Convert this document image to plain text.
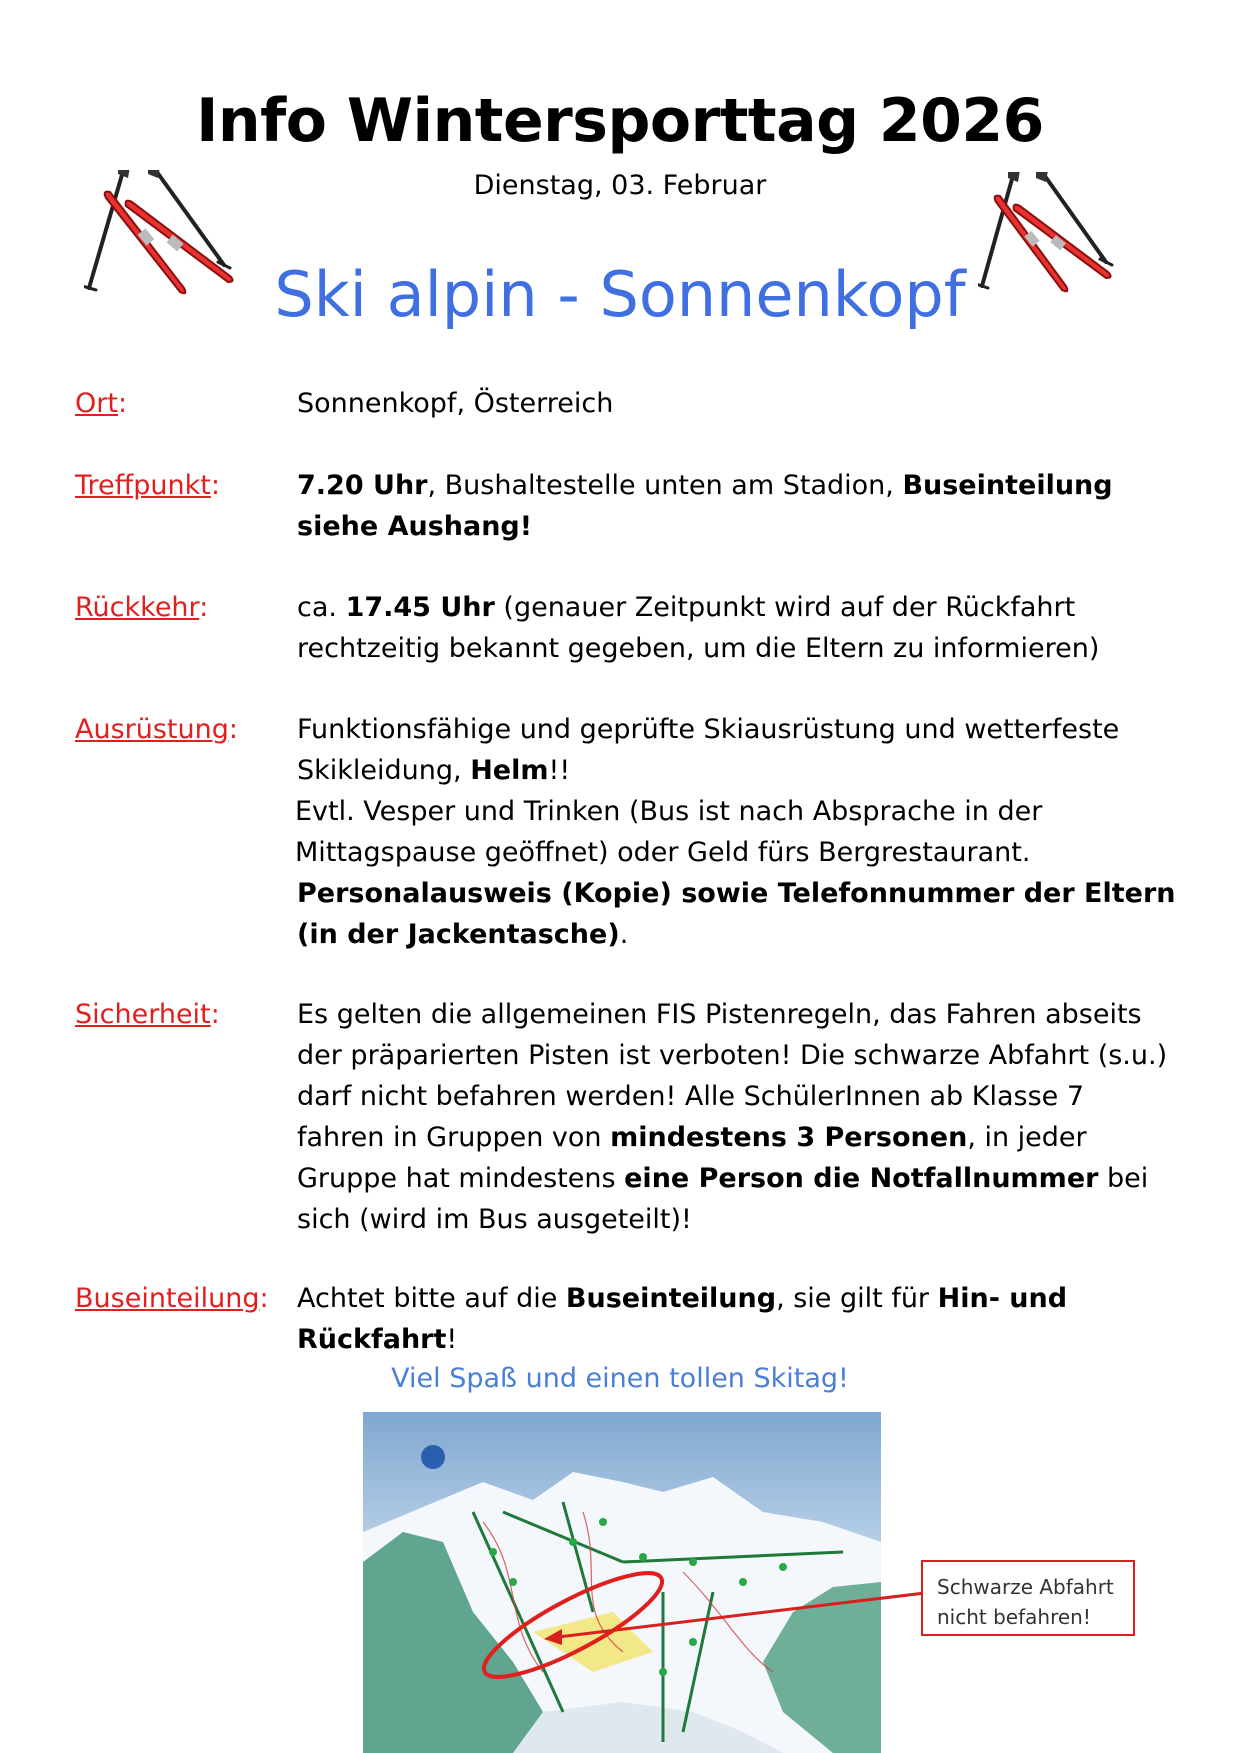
Info Wintersporttag 2026
Dienstag, 03. Februar
Ski alpin - Sonnenkopf
Ort:	Sonnenkopf, Österreich
Treffpunkt:	7.20 Uhr, Bushaltestelle unten am Stadion, Buseinteilung siehe Aushang!
Rückkehr:	ca. 17.45 Uhr (genauer Zeitpunkt wird auf der Rückfahrt rechtzeitig bekannt gegeben, um die Eltern zu informieren)
Ausrüstung: Funktionsfähige und geprüfte Skiausrüstung und wetterfeste Skikleidung, Helm!!

Evtl. Vesper und Trinken (Bus ist nach Absprache in der Mittagspause geöffnet) oder Geld fürs Bergrestaurant.

Personalausweis (Kopie) sowie Telefonnummer der Eltern (in der Jackentasche).

Sicherheit:	Es gelten die allgemeinen FIS Pistenregeln, das Fahren abseits der präparierten Pisten ist verboten! Die schwarze Abfahrt (s.u.) darf nicht befahren werden! Alle SchülerInnen ab Klasse 7 fahren in Gruppen von mindestens 3 Personen, in jeder Gruppe hat mindestens eine Person die Notfallnummer bei sich (wird im Bus ausgeteilt)!
Buseinteilung: Achtet bitte auf die Buseinteilung, sie gilt für Hin- und Rückfahrt!
Viel Spaß und einen tollen Skitag!
Schwarze Abfahrt
nicht befahren!
